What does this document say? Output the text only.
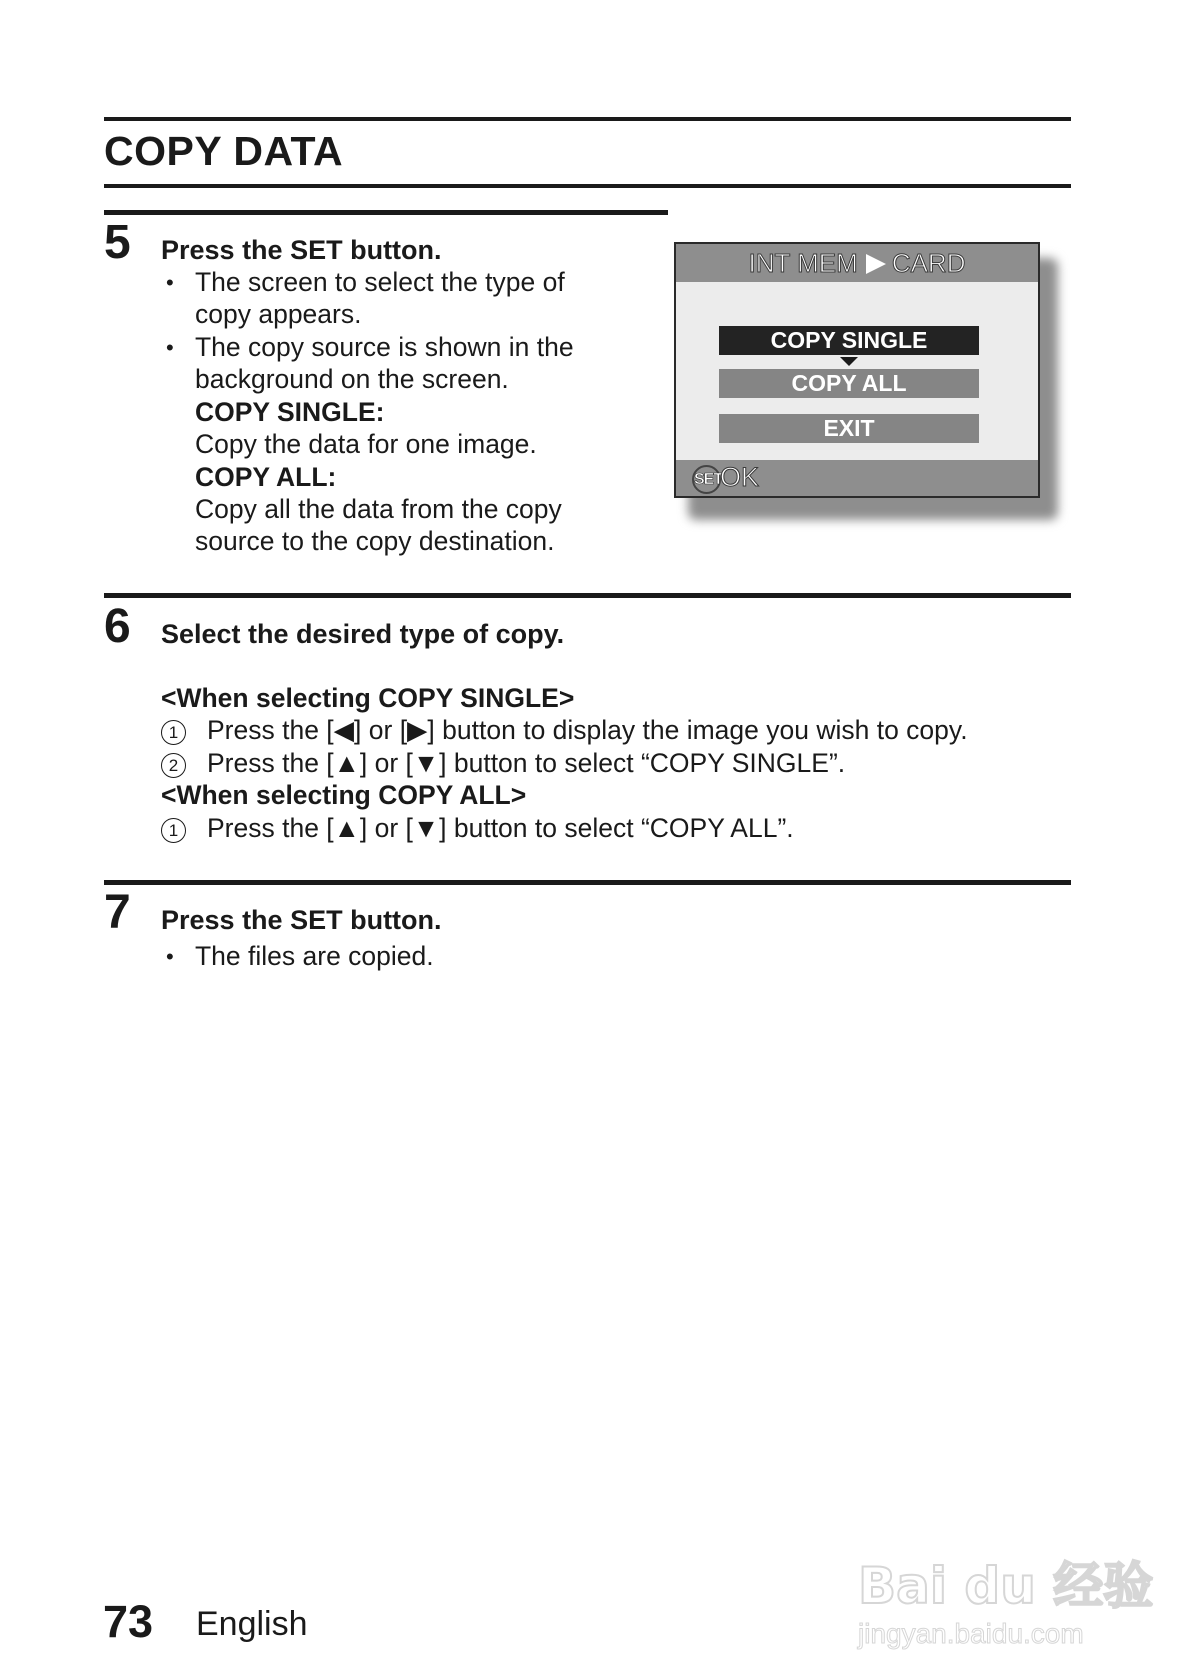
COPY DATA
5 Press the SET button.
• The screen to select the type of
copy appears.
• The copy source is shown in the
background on the screen.
COPY SINGLE:
Copy the data for one image.
COPY ALL:
Copy all the data from the copy
source to the copy destination.
INT MEM CARD
COPY SINGLE
COPY ALL
EXIT
SET
OK
6 Select the desired type of copy.
<When selecting COPY SINGLE>
1 Press the [◀] or [▶] button to display the image you wish to copy.
2 Press the [▲] or [▼] button to select “COPY SINGLE”.
<When selecting COPY ALL>
1 Press the [▲] or [▼] button to select “COPY ALL”.
7 Press the SET button.
• The files are copied.
73 English
Bai du 经验
jingyan.baidu.com
